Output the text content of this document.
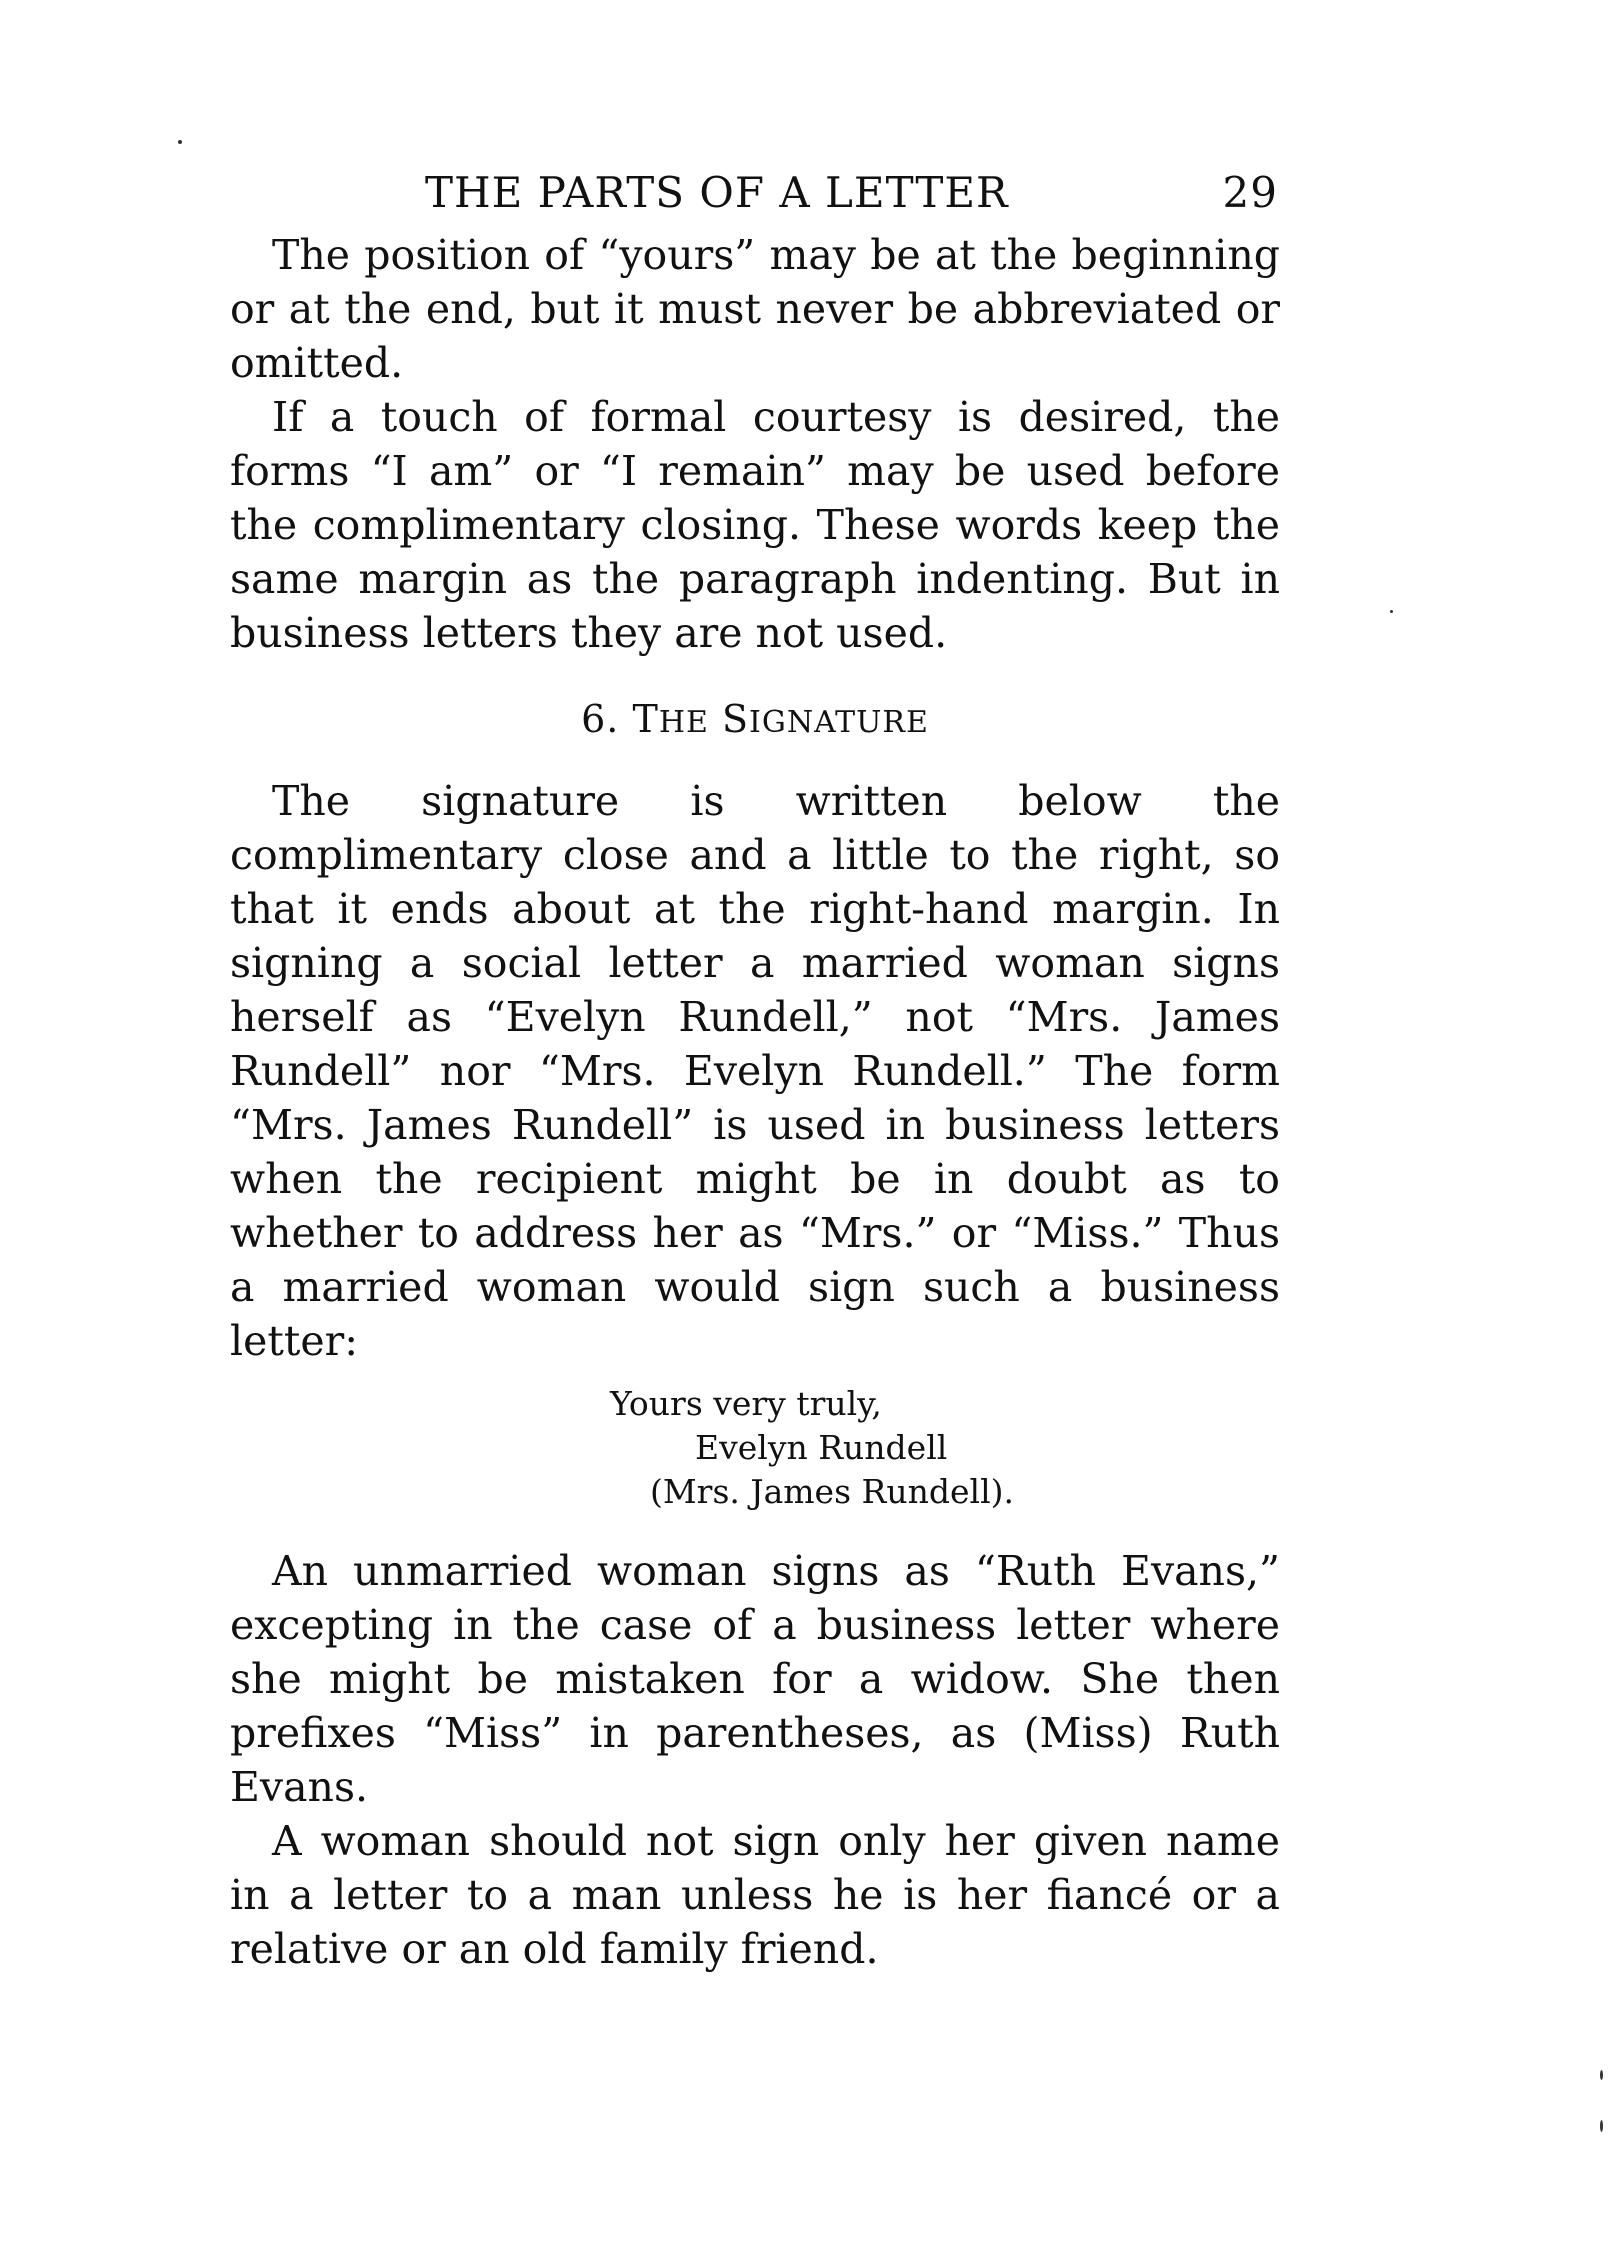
THE PARTS OF A LETTER	29

The position of “yours” may be at the beginning or at the end, but it must never be abbreviated or omitted.

If a touch of formal courtesy is desired, the forms “I am” or “I remain” may be used before the complimentary closing. These words keep the same margin as the paragraph indenting. But in business letters they are not used.

6. THE SIGNATURE

The signature is written below the complimentary close and a little to the right, so that it ends about at the right-hand margin. In signing a social letter a married woman signs herself as “Evelyn Rundell,” not “Mrs. James Rundell” nor “Mrs. Evelyn Rundell.” The form “Mrs. James Rundell” is used in business letters when the recipient might be in doubt as to whether to address her as “Mrs.” or “Miss.” Thus a married woman would sign such a business letter:

Yours very truly,
Evelyn Rundell
(Mrs. James Rundell).

An unmarried woman signs as “Ruth Evans,” excepting in the case of a business letter where she might be mistaken for a widow. She then prefixes “Miss” in parentheses, as (Miss) Ruth Evans.

A woman should not sign only her given name in a letter to a man unless he is her fiancé or a relative or an old family friend.
